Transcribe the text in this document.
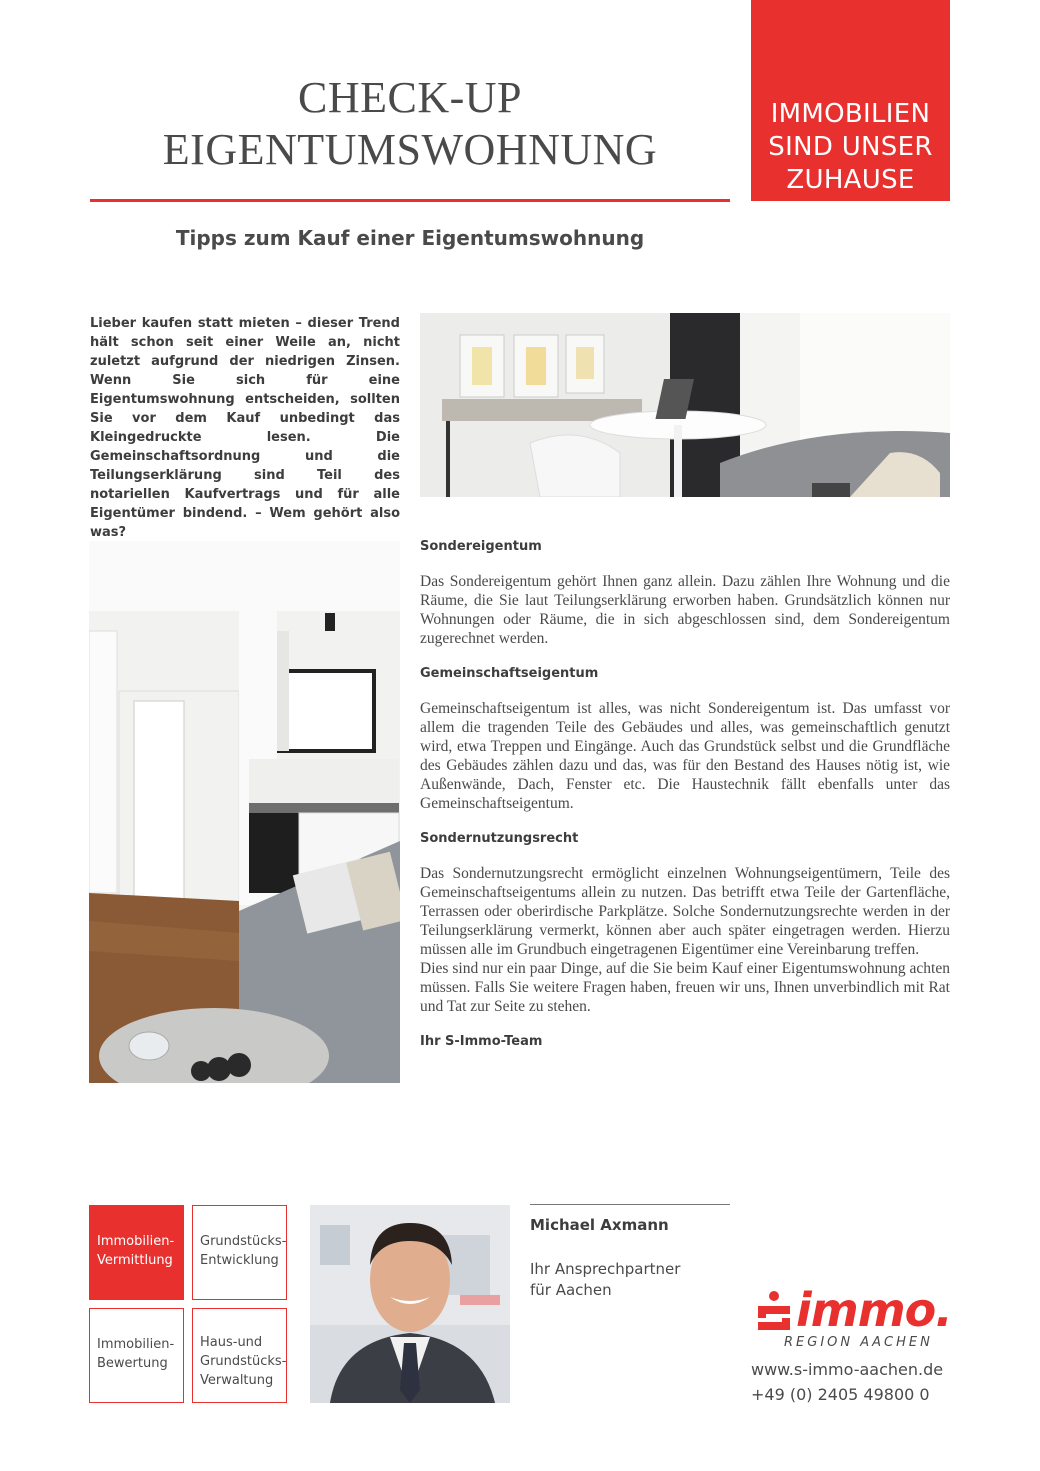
CHECK-UP
EIGENTUMSWOHNUNG
IMMOBILIEN
SIND UNSER
ZUHAUSE
Tipps zum Kauf einer Eigentumswohnung
Lieber kaufen statt mieten – dieser Trend hält schon seit einer Weile an, nicht zuletzt aufgrund der niedrigen Zinsen. Wenn Sie sich für eine Eigentumswohnung entscheiden, sollten Sie vor dem Kauf unbedingt das Kleingedruckte lesen. Die Gemeinschaftsordnung und die Teilungserklärung sind Teil des notariellen Kaufvertrags und für alle Eigentümer bindend. – Wem gehört also was?

Sondereigentum

Das Sondereigentum gehört Ihnen ganz allein. Dazu zählen Ihre Wohnung und die Räume, die Sie laut Teilungserklärung erworben haben. Grundsätzlich können nur Wohnungen oder Räume, die in sich abgeschlossen sind, dem Sondereigentum zugerechnet werden.

Gemeinschaftseigentum

Gemeinschaftseigentum ist alles, was nicht Sondereigentum ist. Das umfasst vor allem die tragenden Teile des Gebäudes und alles, was gemeinschaftlich genutzt wird, etwa Treppen und Eingänge. Auch das Grundstück selbst und die Grundfläche des Gebäudes zählen dazu und das, was für den Bestand des Hauses nötig ist, wie Außenwände, Dach, Fenster etc. Die Haustechnik fällt ebenfalls unter das Gemeinschaftseigentum.

Sondernutzungsrecht

Das Sondernutzungsrecht ermöglicht einzelnen Wohnungseigentümern, Teile des Gemeinschaftseigentums allein zu nutzen. Das betrifft etwa Teile der Gartenfläche, Terrassen oder oberirdische Parkplätze. Solche Sondernutzungsrechte werden in der Teilungserklärung vermerkt, können aber auch später eingetragen werden. Hierzu müssen alle im Grundbuch eingetragenen Eigentümer eine Vereinbarung treffen.

Dies sind nur ein paar Dinge, auf die Sie beim Kauf einer Eigentumswohnung achten müssen. Falls Sie weitere Fragen haben, freuen wir uns, Ihnen unverbindlich mit Rat und Tat zur Seite zu stehen.

Ihr S-Immo-Team

Immobilien-
Vermittlung
Grundstücks-
Entwicklung
Immobilien-
Bewertung
Haus-und
Grundstücks-
Verwaltung
Michael Axmann
Ihr Ansprechpartner
für Aachen	immo.
REGION AACHEN
www.s-immo-aachen.de
+49 (0) 2405 49800 0
